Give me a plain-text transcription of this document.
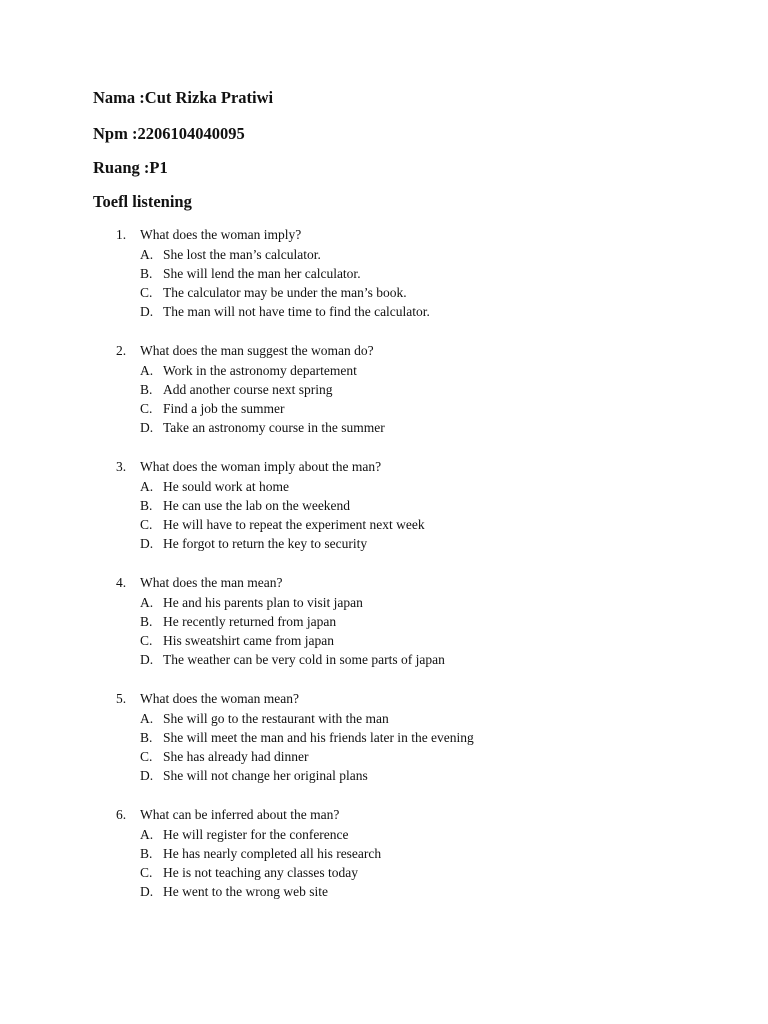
Nama :Cut Rizka Pratiwi
Npm :2206104040095
Ruang :P1
Toefl listening
1. What does the woman imply?
A. She lost the man’s calculator.
B. She will lend the man her calculator.
C. The calculator may be under the man’s book.
D. The man will not have time to find the calculator.
2. What does the man suggest the woman do?
A. Work in the astronomy departement
B. Add another course next spring
C. Find a job the summer
D. Take an astronomy course in the summer
3. What does the woman imply about the man?
A. He sould work at home
B. He can use the lab on the weekend
C. He will have to repeat the experiment next week
D. He forgot to return the key to security
4. What does the man mean?
A. He and his parents plan to visit japan
B. He recently returned from japan
C. His sweatshirt came from japan
D. The weather can be very cold in some parts of japan
5. What does the woman mean?
A. She will go to the restaurant with the man
B. She will meet the man and his friends later in the evening
C. She has already had dinner
D. She will not change her original plans
6. What can be inferred about the man?
A. He will register for the conference
B. He has nearly completed all his research
C. He is not teaching any classes today
D. He went to the wrong web site
